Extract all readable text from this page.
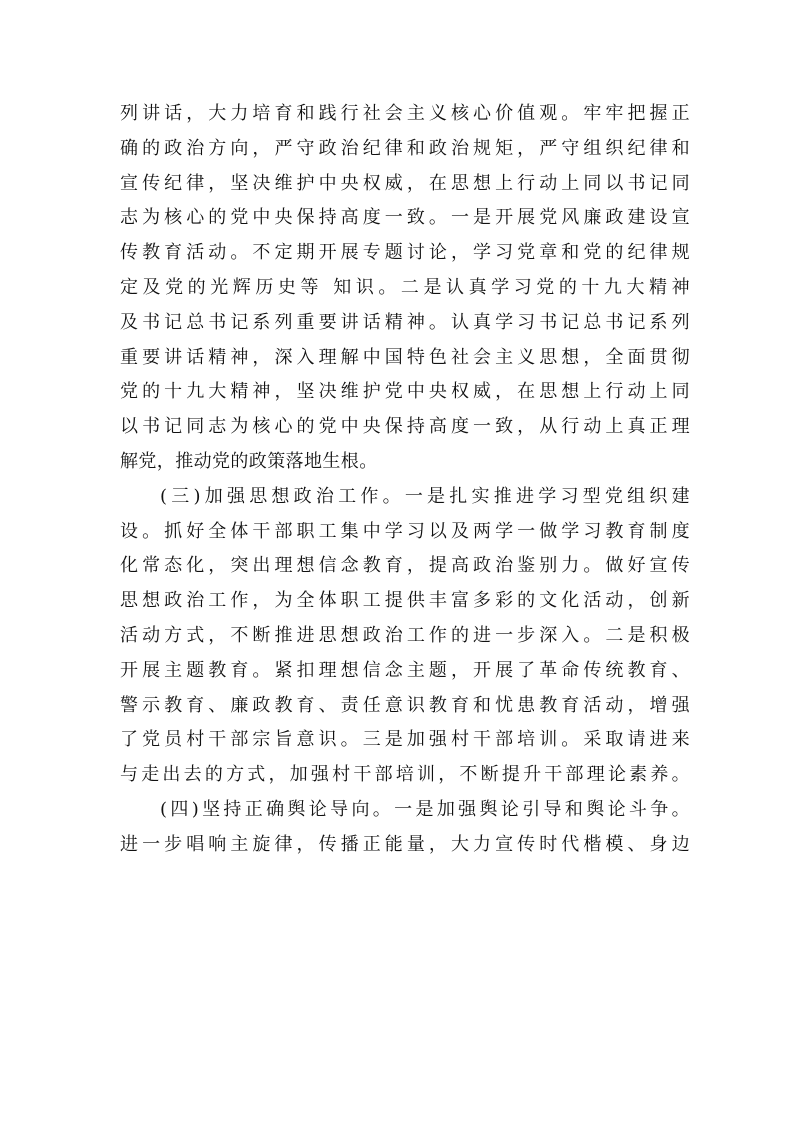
列讲话，大力培育和践行社会主义核心价值观。牢牢把握正
确的政治方向，严守政治纪律和政治规矩，严守组织纪律和
宣传纪律，坚决维护中央权威，在思想上行动上同以书记同
志为核心的党中央保持高度一致。一是开展党风廉政建设宣
传教育活动。不定期开展专题讨论，学习党章和党的纪律规
定及党的光辉历史等 知识。二是认真学习党的十九大精神
及书记总书记系列重要讲话精神。认真学习书记总书记系列
重要讲话精神，深入理解中国特色社会主义思想，全面贯彻
党的十九大精神，坚决维护党中央权威，在思想上行动上同
以书记同志为核心的党中央保持高度一致，从行动上真正理
解党，推动党的政策落地生根。
(三)加强思想政治工作。一是扎实推进学习型党组织建
设。抓好全体干部职工集中学习以及两学一做学习教育制度
化常态化，突出理想信念教育，提高政治鉴别力。做好宣传
思想政治工作，为全体职工提供丰富多彩的文化活动，创新
活动方式，不断推进思想政治工作的进一步深入。二是积极
开展主题教育。紧扣理想信念主题，开展了革命传统教育、
警示教育、廉政教育、责任意识教育和忧患教育活动，增强
了党员村干部宗旨意识。三是加强村干部培训。采取请进来
与走出去的方式，加强村干部培训，不断提升干部理论素养。
(四)坚持正确舆论导向。一是加强舆论引导和舆论斗争。
进一步唱响主旋律，传播正能量，大力宣传时代楷模、身边
